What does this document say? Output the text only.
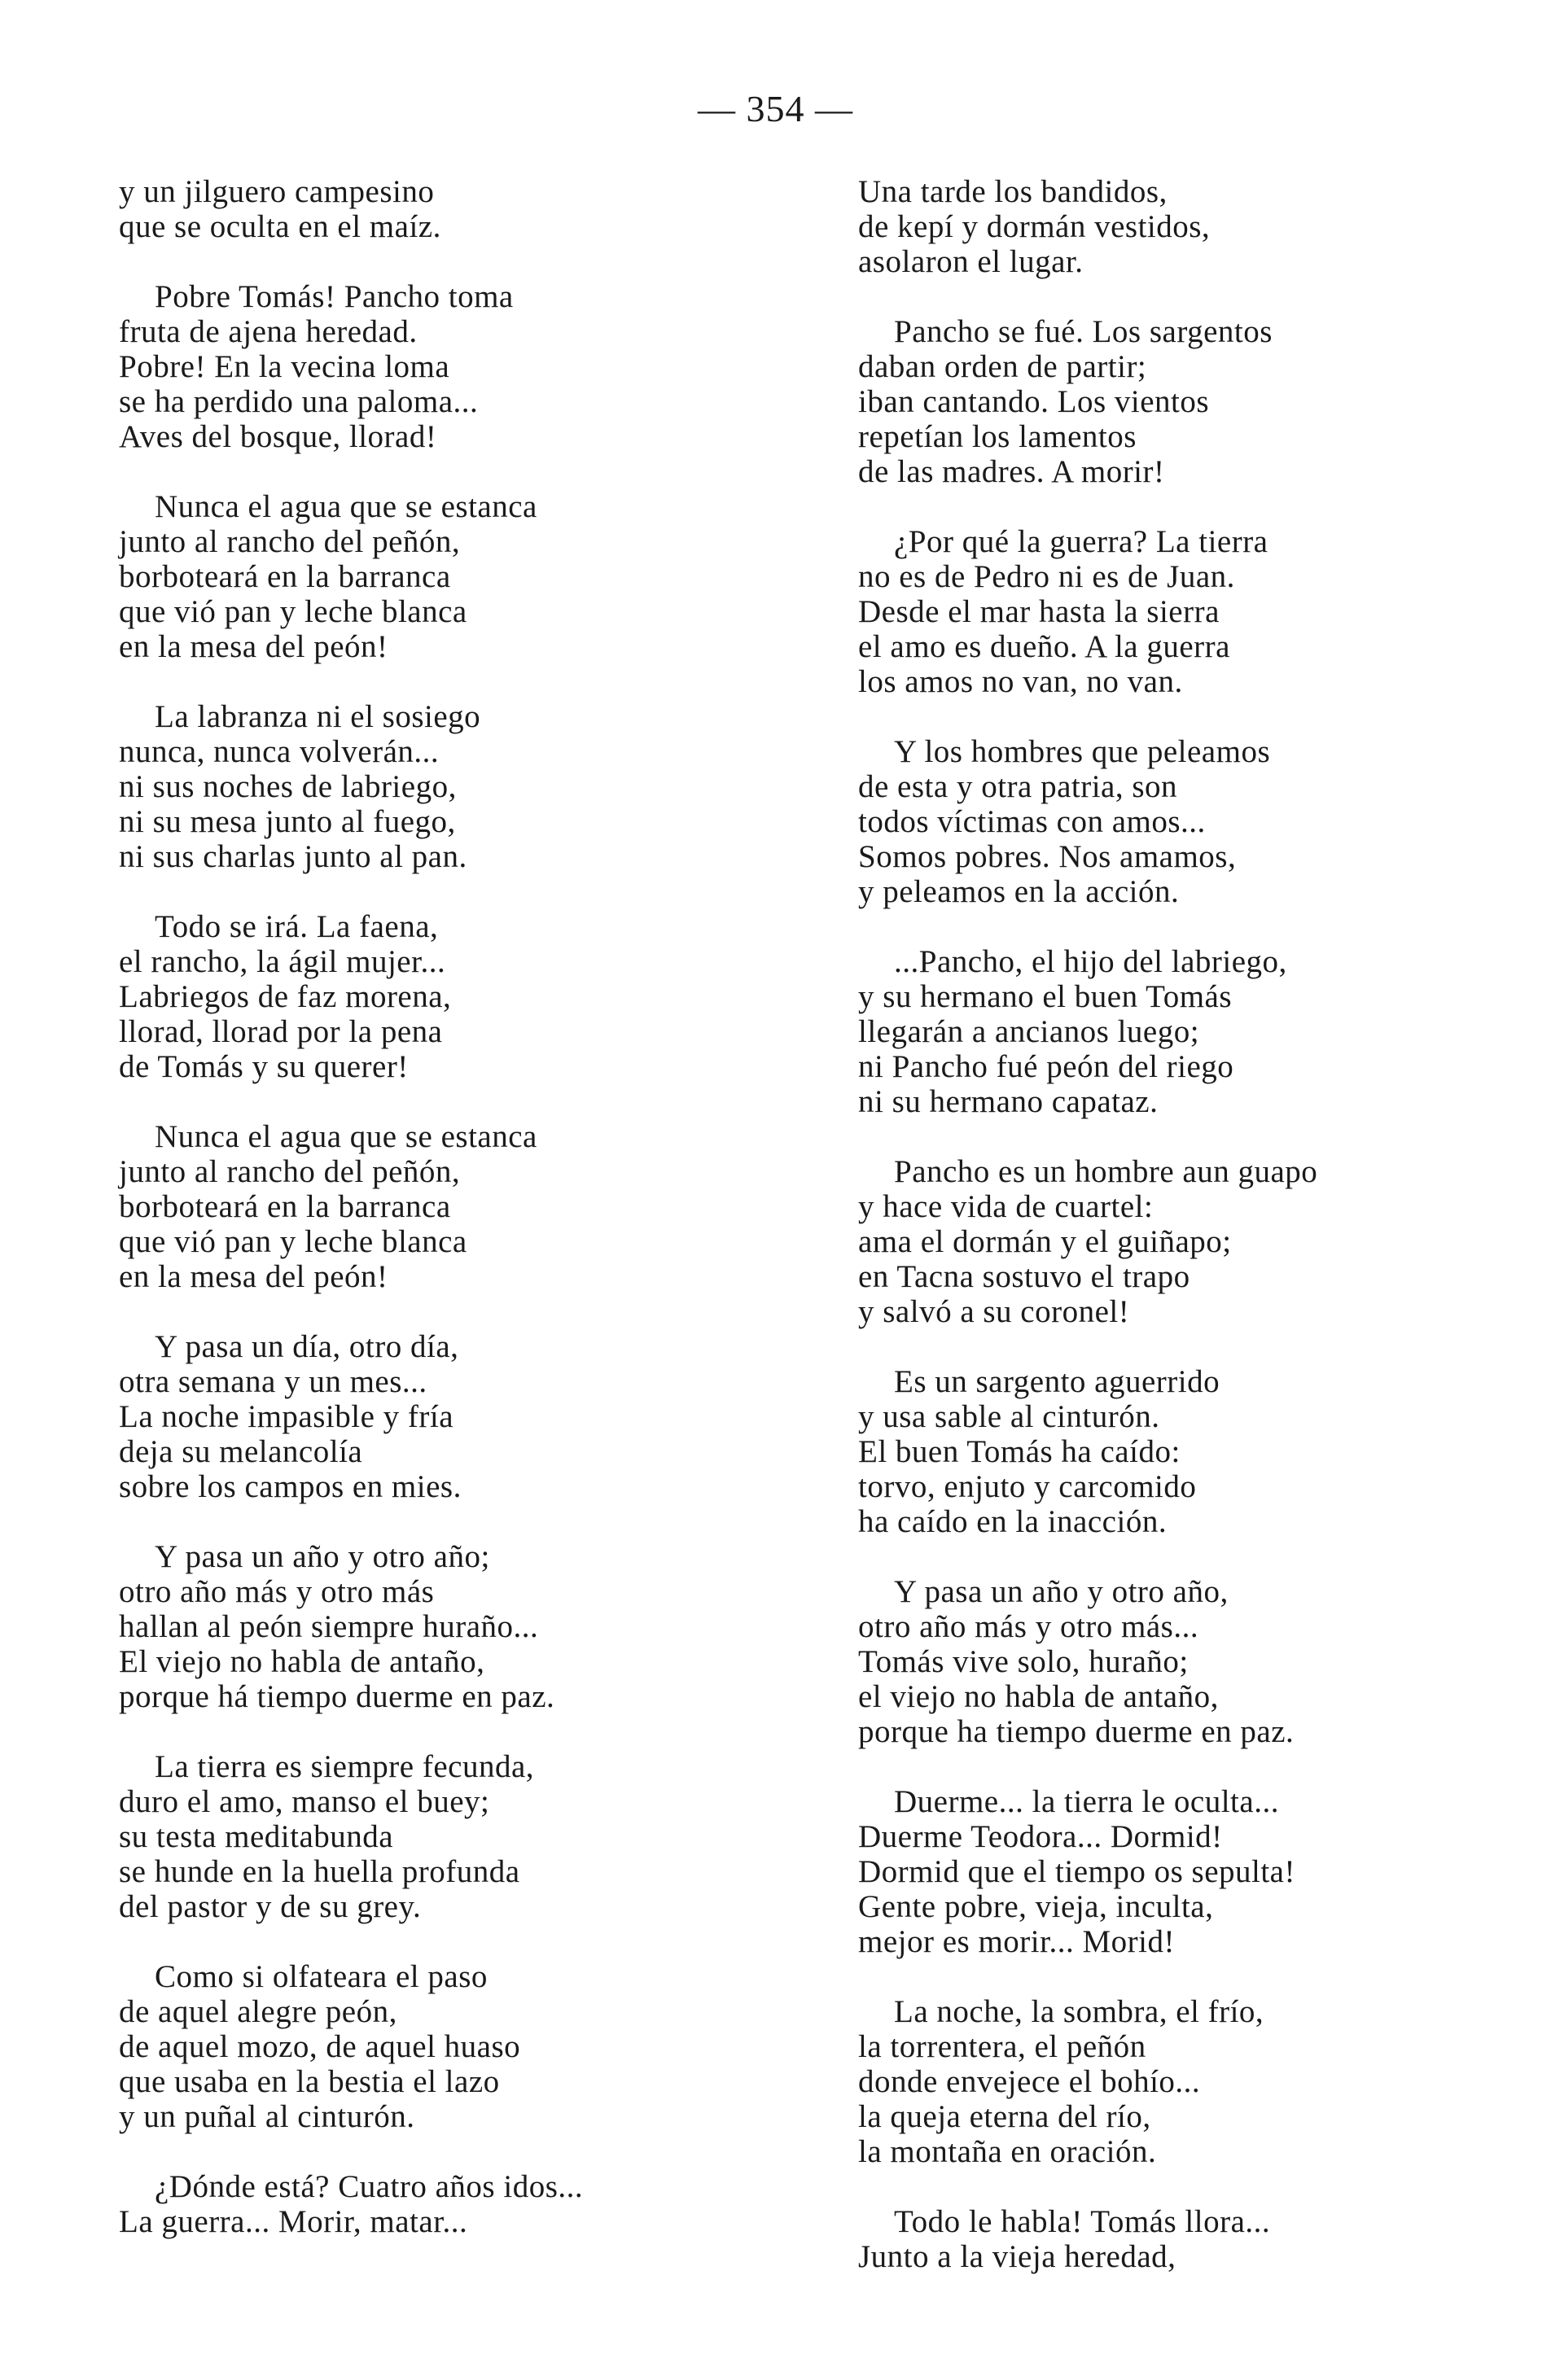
— 354 —
y un jilguero campesino
que se oculta en el maíz.
Pobre Tomás! Pancho toma
fruta de ajena heredad.
Pobre! En la vecina loma
se ha perdido una paloma...
Aves del bosque, llorad!
Nunca el agua que se estanca
junto al rancho del peñón,
borboteará en la barranca
que vió pan y leche blanca
en la mesa del peón!
La labranza ni el sosiego
nunca, nunca volverán...
ni sus noches de labriego,
ni su mesa junto al fuego,
ni sus charlas junto al pan.
Todo se irá. La faena,
el rancho, la ágil mujer...
Labriegos de faz morena,
llorad, llorad por la pena
de Tomás y su querer!
Nunca el agua que se estanca
junto al rancho del peñón,
borboteará en la barranca
que vió pan y leche blanca
en la mesa del peón!
Y pasa un día, otro día,
otra semana y un mes...
La noche impasible y fría
deja su melancolía
sobre los campos en mies.
Y pasa un año y otro año;
otro año más y otro más
hallan al peón siempre huraño...
El viejo no habla de antaño,
porque há tiempo duerme en paz.
La tierra es siempre fecunda,
duro el amo, manso el buey;
su testa meditabunda
se hunde en la huella profunda
del pastor y de su grey.
Como si olfateara el paso
de aquel alegre peón,
de aquel mozo, de aquel huaso
que usaba en la bestia el lazo
y un puñal al cinturón.
¿Dónde está? Cuatro años idos...
La guerra... Morir, matar...
Una tarde los bandidos,
de kepí y dormán vestidos,
asolaron el lugar.
Pancho se fué. Los sargentos
daban orden de partir;
iban cantando. Los vientos
repetían los lamentos
de las madres. A morir!
¿Por qué la guerra? La tierra
no es de Pedro ni es de Juan.
Desde el mar hasta la sierra
el amo es dueño. A la guerra
los amos no van, no van.
Y los hombres que peleamos
de esta y otra patria, son
todos víctimas con amos...
Somos pobres. Nos amamos,
y peleamos en la acción.
...Pancho, el hijo del labriego,
y su hermano el buen Tomás
llegarán a ancianos luego;
ni Pancho fué peón del riego
ni su hermano capataz.
Pancho es un hombre aun guapo
y hace vida de cuartel:
ama el dormán y el guiñapo;
en Tacna sostuvo el trapo
y salvó a su coronel!
Es un sargento aguerrido
y usa sable al cinturón.
El buen Tomás ha caído:
torvo, enjuto y carcomido
ha caído en la inacción.
Y pasa un año y otro año,
otro año más y otro más...
Tomás vive solo, huraño;
el viejo no habla de antaño,
porque ha tiempo duerme en paz.
Duerme... la tierra le oculta...
Duerme Teodora... Dormid!
Dormid que el tiempo os sepulta!
Gente pobre, vieja, inculta,
mejor es morir... Morid!
La noche, la sombra, el frío,
la torrentera, el peñón
donde envejece el bohío...
la queja eterna del río,
la montaña en oración.
Todo le habla! Tomás llora...
Junto a la vieja heredad,
